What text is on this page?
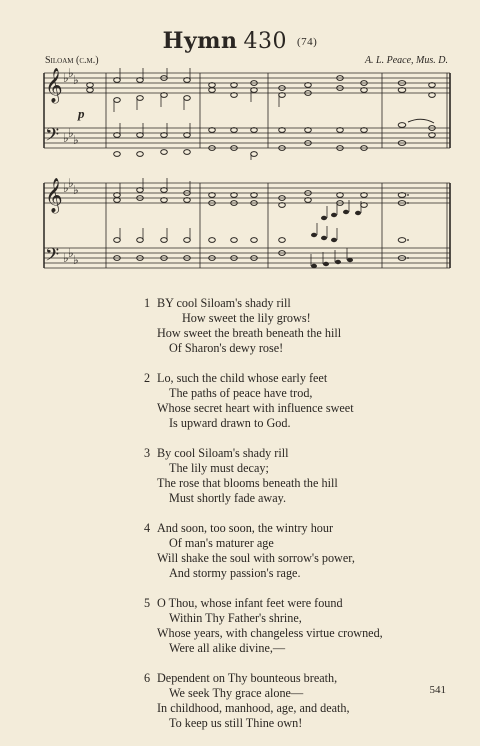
Hymn 430 (74)
Siloam (c.m.)	A. L. Peace, Mus. D.
𝄞
𝄢
♭ ♭ ♭
♭ ♭ ♭
p
𝄞
𝄢
♭ ♭ ♭
♭ ♭ ♭
1 BY cool Siloam's shady rill
How sweet the lily grows!
How sweet the breath beneath the hill
Of Sharon's dewy rose!
2 Lo, such the child whose early feet
The paths of peace have trod,
Whose secret heart with influence sweet
Is upward drawn to God.
3 By cool Siloam's shady rill
The lily must decay;
The rose that blooms beneath the hill
Must shortly fade away.
4 And soon, too soon, the wintry hour
Of man's maturer age
Will shake the soul with sorrow's power,
And stormy passion's rage.
5 O Thou, whose infant feet were found
Within Thy Father's shrine,
Whose years, with changeless virtue crowned,
Were all alike divine,—
6 Dependent on Thy bounteous breath,
We seek Thy grace alone—
In childhood, manhood, age, and death,
To keep us still Thine own!
541
